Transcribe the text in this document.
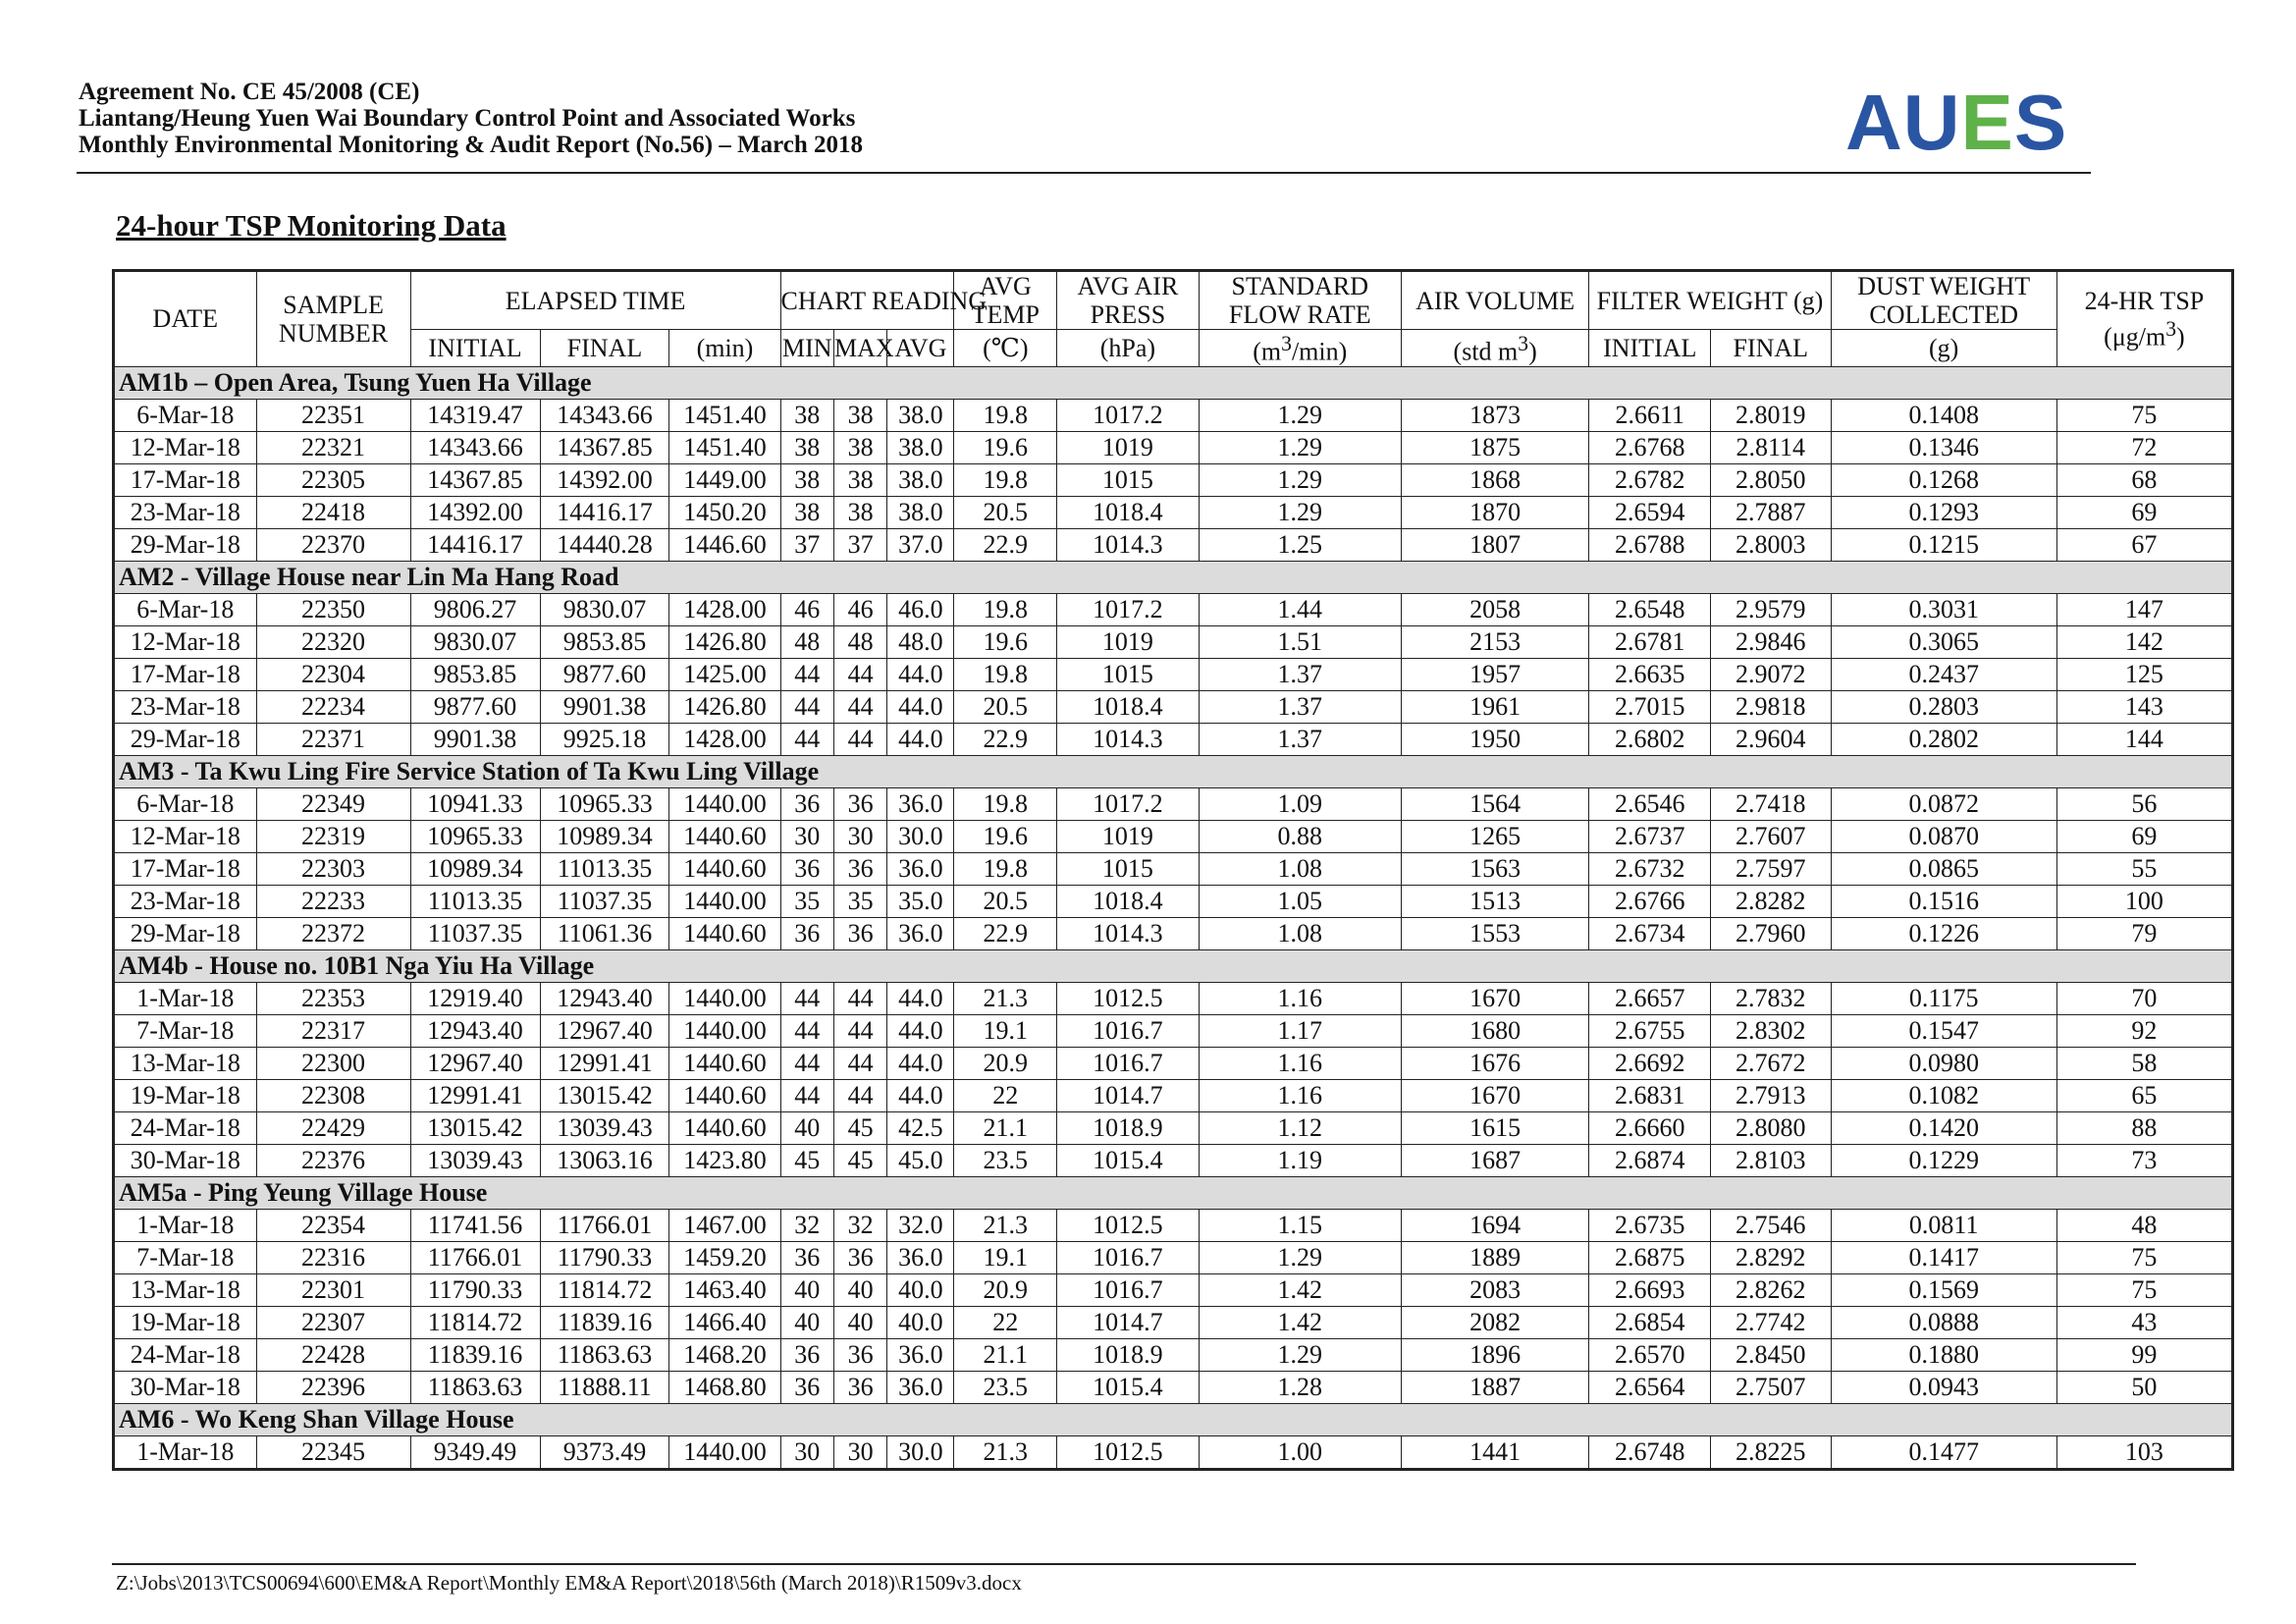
Agreement No. CE 45/2008 (CE)
Liantang/Heung Yuen Wai Boundary Control Point and Associated Works
Monthly Environmental Monitoring & Audit Report (No.56) – March 2018	AUES
24-hour TSP Monitoring Data
DATE	SAMPLE NUMBER	ELAPSED TIME			CHART READING			AVG TEMP	AVG AIR PRESS	STANDARD FLOW RATE	AIR VOLUME	FILTER WEIGHT (g)		DUST WEIGHT COLLECTED	24-HR TSP
$(\mu g/m^3)$

		INITIAL	FINAL	(min)	MIN	MAX	AVG	(℃)	(hPa)	$(m^3/\min)$	(std $m^3$)	INITIAL	FINAL	(g)	
AM1b – Open Area, Tsung Yuen Ha Village															
6-Mar-18	22351	14319.47	14343.66	1451.40	38	38	38.0	19.8	1017.2	1.29	1873	2.6611	2.8019	0.1408	75
12-Mar-18	22321	14343.66	14367.85	1451.40	38	38	38.0	19.6	1019	1.29	1875	2.6768	2.8114	0.1346	72
17-Mar-18	22305	14367.85	14392.00	1449.00	38	38	38.0	19.8	1015	1.29	1868	2.6782	2.8050	0.1268	68
23-Mar-18	22418	14392.00	14416.17	1450.20	38	38	38.0	20.5	1018.4	1.29	1870	2.6594	2.7887	0.1293	69
29-Mar-18	22370	14416.17	14440.28	1446.60	37	37	37.0	22.9	1014.3	1.25	1807	2.6788	2.8003	0.1215	67
AM2 - Village House near Lin Ma Hang Road															
6-Mar-18	22350	9806.27	9830.07	1428.00	46	46	46.0	19.8	1017.2	1.44	2058	2.6548	2.9579	0.3031	147
12-Mar-18	22320	9830.07	9853.85	1426.80	48	48	48.0	19.6	1019	1.51	2153	2.6781	2.9846	0.3065	142
17-Mar-18	22304	9853.85	9877.60	1425.00	44	44	44.0	19.8	1015	1.37	1957	2.6635	2.9072	0.2437	125
23-Mar-18	22234	9877.60	9901.38	1426.80	44	44	44.0	20.5	1018.4	1.37	1961	2.7015	2.9818	0.2803	143
29-Mar-18	22371	9901.38	9925.18	1428.00	44	44	44.0	22.9	1014.3	1.37	1950	2.6802	2.9604	0.2802	144
AM3 - Ta Kwu Ling Fire Service Station of Ta Kwu Ling Village															
6-Mar-18	22349	10941.33	10965.33	1440.00	36	36	36.0	19.8	1017.2	1.09	1564	2.6546	2.7418	0.0872	56
12-Mar-18	22319	10965.33	10989.34	1440.60	30	30	30.0	19.6	1019	0.88	1265	2.6737	2.7607	0.0870	69
17-Mar-18	22303	10989.34	11013.35	1440.60	36	36	36.0	19.8	1015	1.08	1563	2.6732	2.7597	0.0865	55
23-Mar-18	22233	11013.35	11037.35	1440.00	35	35	35.0	20.5	1018.4	1.05	1513	2.6766	2.8282	0.1516	100
29-Mar-18	22372	11037.35	11061.36	1440.60	36	36	36.0	22.9	1014.3	1.08	1553	2.6734	2.7960	0.1226	79
AM4b - House no. 10B1 Nga Yiu Ha Village															
1-Mar-18	22353	12919.40	12943.40	1440.00	44	44	44.0	21.3	1012.5	1.16	1670	2.6657	2.7832	0.1175	70
7-Mar-18	22317	12943.40	12967.40	1440.00	44	44	44.0	19.1	1016.7	1.17	1680	2.6755	2.8302	0.1547	92
13-Mar-18	22300	12967.40	12991.41	1440.60	44	44	44.0	20.9	1016.7	1.16	1676	2.6692	2.7672	0.0980	58
19-Mar-18	22308	12991.41	13015.42	1440.60	44	44	44.0	22	1014.7	1.16	1670	2.6831	2.7913	0.1082	65
24-Mar-18	22429	13015.42	13039.43	1440.60	40	45	42.5	21.1	1018.9	1.12	1615	2.6660	2.8080	0.1420	88
30-Mar-18	22376	13039.43	13063.16	1423.80	45	45	45.0	23.5	1015.4	1.19	1687	2.6874	2.8103	0.1229	73
AM5a - Ping Yeung Village House															
1-Mar-18	22354	11741.56	11766.01	1467.00	32	32	32.0	21.3	1012.5	1.15	1694	2.6735	2.7546	0.0811	48
7-Mar-18	22316	11766.01	11790.33	1459.20	36	36	36.0	19.1	1016.7	1.29	1889	2.6875	2.8292	0.1417	75
13-Mar-18	22301	11790.33	11814.72	1463.40	40	40	40.0	20.9	1016.7	1.42	2083	2.6693	2.8262	0.1569	75
19-Mar-18	22307	11814.72	11839.16	1466.40	40	40	40.0	22	1014.7	1.42	2082	2.6854	2.7742	0.0888	43
24-Mar-18	22428	11839.16	11863.63	1468.20	36	36	36.0	21.1	1018.9	1.29	1896	2.6570	2.8450	0.1880	99
30-Mar-18	22396	11863.63	11888.11	1468.80	36	36	36.0	23.5	1015.4	1.28	1887	2.6564	2.7507	0.0943	50
AM6 - Wo Keng Shan Village House															
1-Mar-18	22345	9349.49	9373.49	1440.00	30	30	30.0	21.3	1012.5	1.00	1441	2.6748	2.8225	0.1477	103
Z:\Jobs\2013\TCS00694\600\EM&A Report\Monthly EM&A Report\2018\56th (March 2018)\R1509v3.docx
